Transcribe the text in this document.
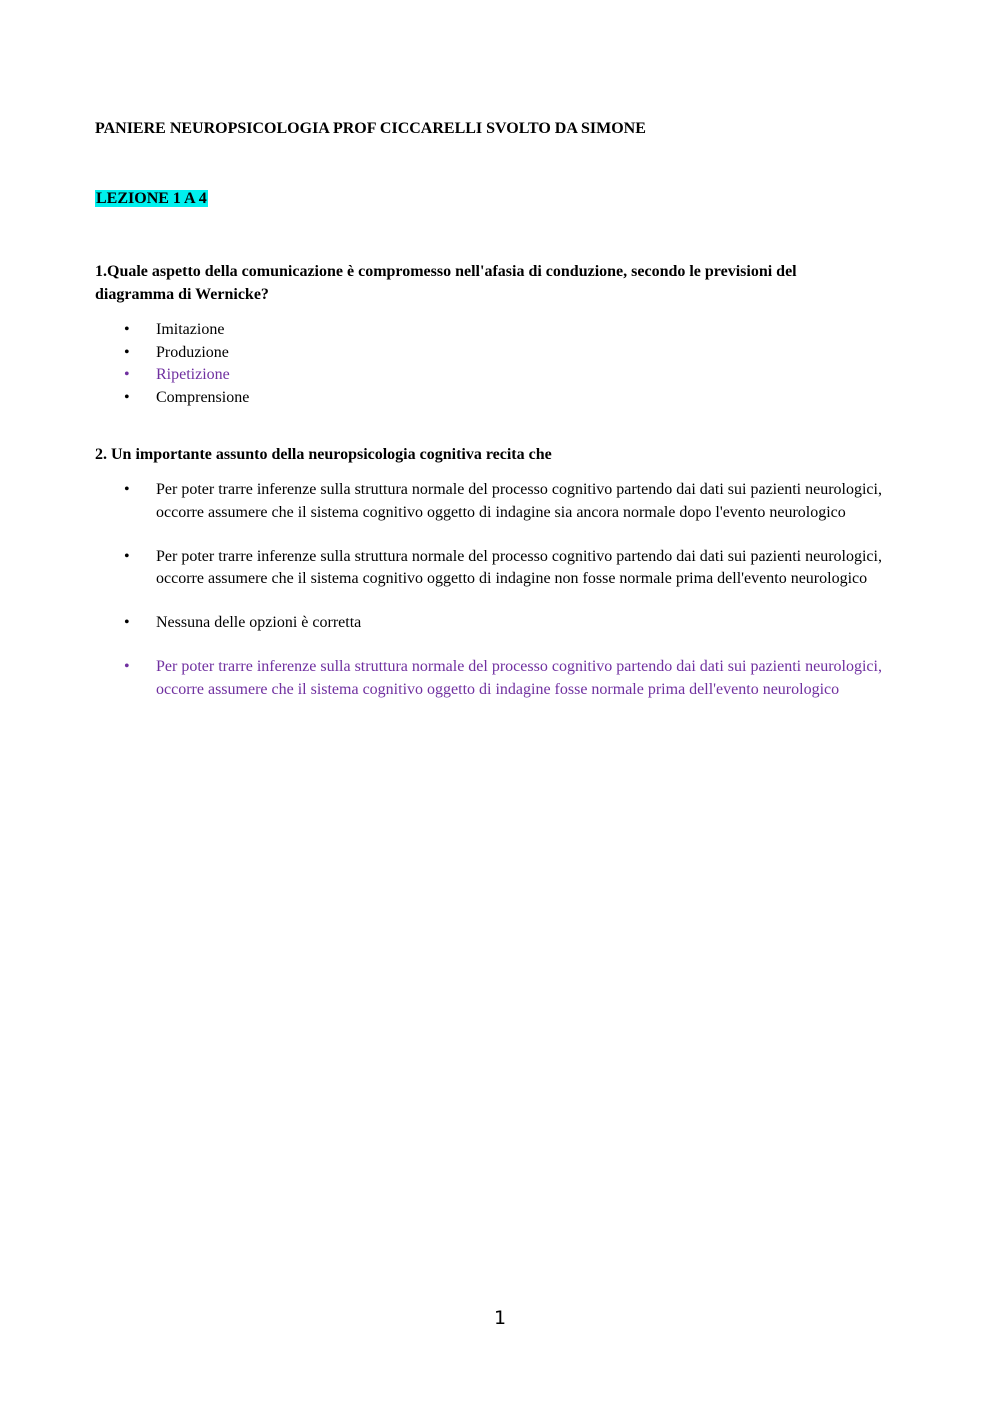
PANIERE NEUROPSICOLOGIA PROF CICCARELLI SVOLTO DA SIMONE

LEZIONE 1 A 4

1.Quale aspetto della comunicazione è compromesso nell'afasia di conduzione, secondo le previsioni del diagramma di Wernicke?

• Imitazione
• Produzione
• Ripetizione
• Comprensione

2. Un importante assunto della neuropsicologia cognitiva recita che

• Per poter trarre inferenze sulla struttura normale del processo cognitivo partendo dai dati sui pazienti neurologici, occorre assumere che il sistema cognitivo oggetto di indagine sia ancora normale dopo l'evento neurologico
• Per poter trarre inferenze sulla struttura normale del processo cognitivo partendo dai dati sui pazienti neurologici, occorre assumere che il sistema cognitivo oggetto di indagine non fosse normale prima dell'evento neurologico
• Nessuna delle opzioni è corretta
• Per poter trarre inferenze sulla struttura normale del processo cognitivo partendo dai dati sui pazienti neurologici, occorre assumere che il sistema cognitivo oggetto di indagine fosse normale prima dell'evento neurologico

1
